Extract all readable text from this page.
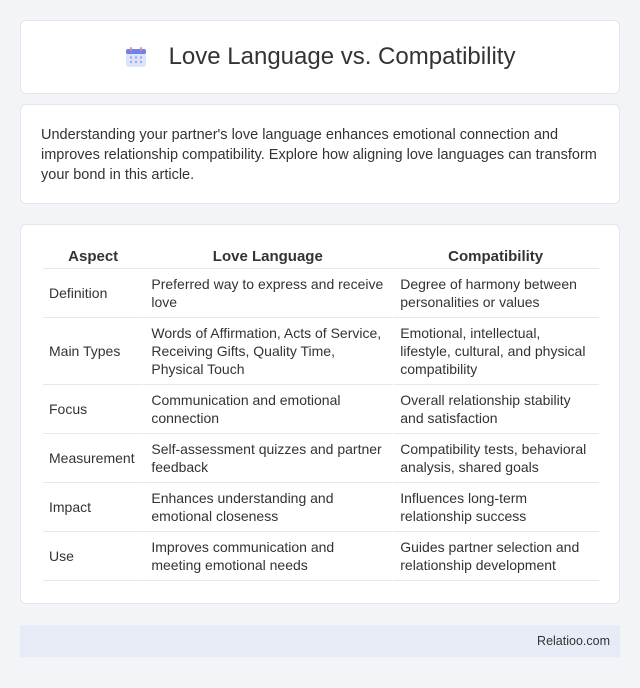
Love Language vs. Compatibility

Understanding your partner's love language enhances emotional connection and improves relationship compatibility. Explore how aligning love languages can transform your bond in this article.

Aspect	Love Language	Compatibility
Definition	Preferred way to express and receive love	Degree of harmony between personalities or values
Main Types	Words of Affirmation, Acts of Service, Receiving Gifts, Quality Time, Physical Touch	Emotional, intellectual, lifestyle, cultural, and physical compatibility
Focus	Communication and emotional connection	Overall relationship stability and satisfaction
Measurement	Self-assessment quizzes and partner feedback	Compatibility tests, behavioral analysis, shared goals
Impact	Enhances understanding and emotional closeness	Influences long-term relationship success
Use	Improves communication and meeting emotional needs	Guides partner selection and relationship development
Relatioo.com
